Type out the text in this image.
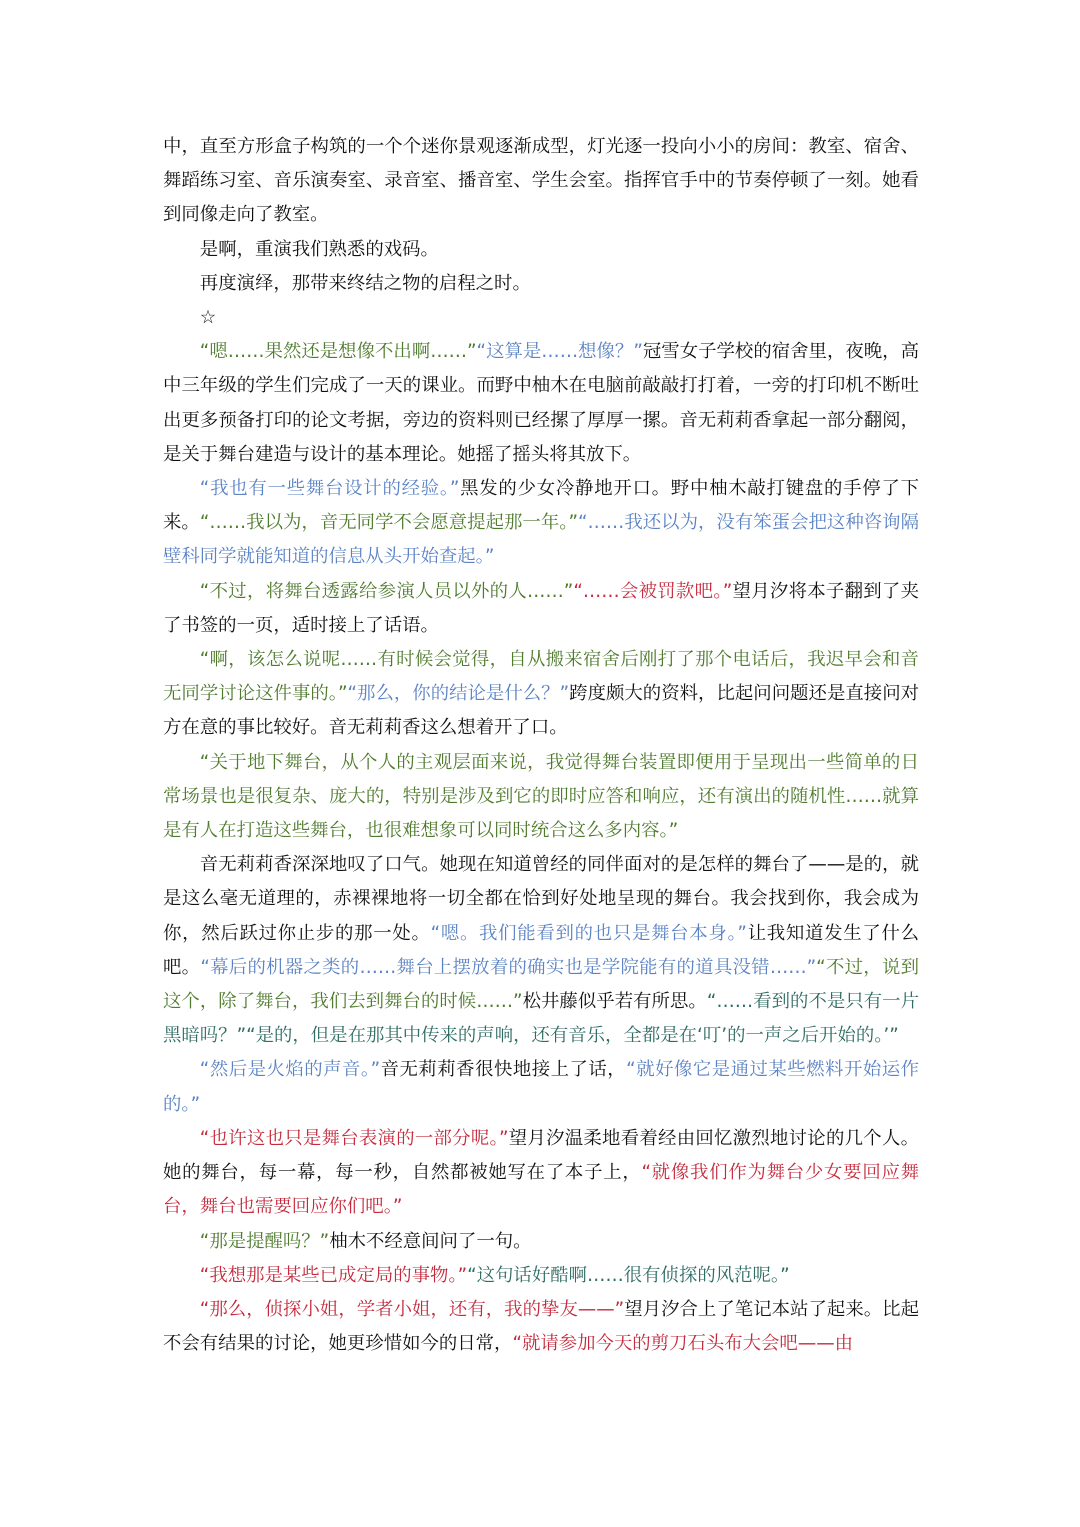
中，直至方形盒子构筑的一个个迷你景观逐渐成型，灯光逐一投向小小的房间：教室、宿舍、舞蹈练习室、音乐演奏室、录音室、播音室、学生会室。指挥官手中的节奏停顿了一刻。她看到同像走向了教室。

是啊，重演我们熟悉的戏码。

再度演绎，那带来终结之物的启程之时。

☆

“嗯……果然还是想像不出啊……”“这算是……想像？”冠雪女子学校的宿舍里，夜晚，高中三年级的学生们完成了一天的课业。而野中柚木在电脑前敲敲打打着，一旁的打印机不断吐出更多预备打印的论文考据，旁边的资料则已经摞了厚厚一摞。音无莉莉香拿起一部分翻阅，是关于舞台建造与设计的基本理论。她摇了摇头将其放下。

“我也有一些舞台设计的经验。”黑发的少女冷静地开口。野中柚木敲打键盘的手停了下来。“……我以为，音无同学不会愿意提起那一年。”“……我还以为，没有笨蛋会把这种咨询隔壁科同学就能知道的信息从头开始查起。”

“不过，将舞台透露给参演人员以外的人……”“……会被罚款吧。”望月汐将本子翻到了夹了书签的一页，适时接上了话语。

“啊，该怎么说呢……有时候会觉得，自从搬来宿舍后刚打了那个电话后，我迟早会和音无同学讨论这件事的。”“那么，你的结论是什么？”跨度颇大的资料，比起问问题还是直接问对方在意的事比较好。音无莉莉香这么想着开了口。

“关于地下舞台，从个人的主观层面来说，我觉得舞台装置即便用于呈现出一些简单的日常场景也是很复杂、庞大的，特别是涉及到它的即时应答和响应，还有演出的随机性……就算是有人在打造这些舞台，也很难想象可以同时统合这么多内容。”

音无莉莉香深深地叹了口气。她现在知道曾经的同伴面对的是怎样的舞台了——是的，就是这么毫无道理的，赤裸裸地将一切全都在恰到好处地呈现的舞台。我会找到你，我会成为你，然后跃过你止步的那一处。“嗯。我们能看到的也只是舞台本身。”让我知道发生了什么吧。“幕后的机器之类的……舞台上摆放着的确实也是学院能有的道具没错……”“不过，说到这个，除了舞台，我们去到舞台的时候……”松井藤似乎若有所思。“……看到的不是只有一片黑暗吗？”“是的，但是在那其中传来的声响，还有音乐，全都是在‘叮’的一声之后开始的。’”

“然后是火焰的声音。”音无莉莉香很快地接上了话，“就好像它是通过某些燃料开始运作的。”

“也许这也只是舞台表演的一部分呢。”望月汐温柔地看着经由回忆激烈地讨论的几个人。她的舞台，每一幕，每一秒，自然都被她写在了本子上，“就像我们作为舞台少女要回应舞台，舞台也需要回应你们吧。”

“那是提醒吗？”柚木不经意间问了一句。

“我想那是某些已成定局的事物。”“这句话好酷啊……很有侦探的风范呢。”

“那么，侦探小姐，学者小姐，还有，我的挚友——”望月汐合上了笔记本站了起来。比起不会有结果的讨论，她更珍惜如今的日常，“就请参加今天的剪刀石头布大会吧——由
